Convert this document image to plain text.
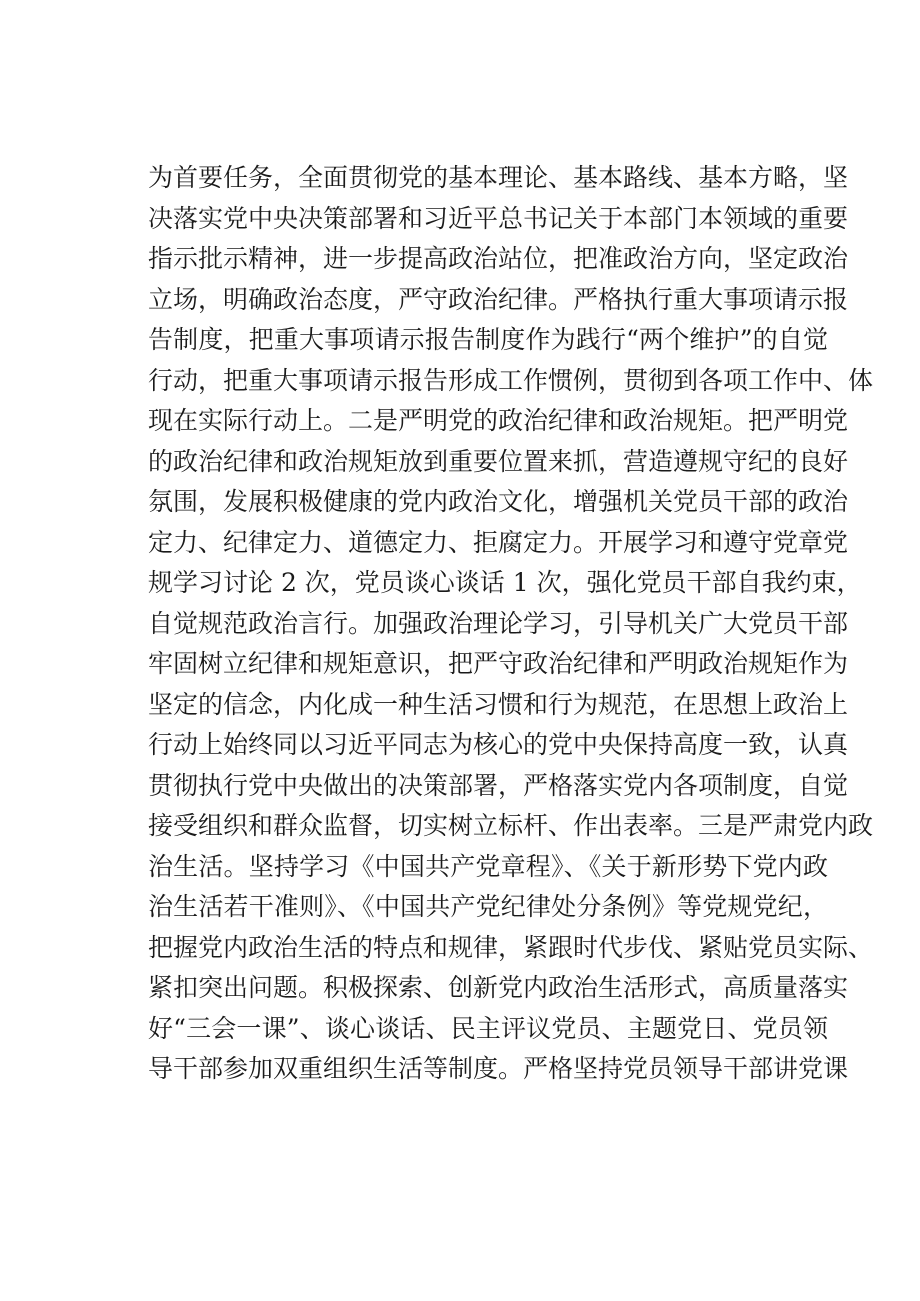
为首要任务，全面贯彻党的基本理论、基本路线、基本方略，坚
决落实党中央决策部署和习近平总书记关于本部门本领域的重要
指示批示精神，进一步提高政治站位，把准政治方向，坚定政治
立场，明确政治态度，严守政治纪律。严格执行重大事项请示报
告制度，把重大事项请示报告制度作为践行“两个维护”的自觉
行动，把重大事项请示报告形成工作惯例，贯彻到各项工作中、体
现在实际行动上。二是严明党的政治纪律和政治规矩。把严明党
的政治纪律和政治规矩放到重要位置来抓，营造遵规守纪的良好
氛围，发展积极健康的党内政治文化，增强机关党员干部的政治
定力、纪律定力、道德定力、拒腐定力。开展学习和遵守党章党
规学习讨论 2 次，党员谈心谈话 1 次，强化党员干部自我约束，
自觉规范政治言行。加强政治理论学习，引导机关广大党员干部
牢固树立纪律和规矩意识，把严守政治纪律和严明政治规矩作为
坚定的信念，内化成一种生活习惯和行为规范，在思想上政治上
行动上始终同以习近平同志为核心的党中央保持高度一致，认真
贯彻执行党中央做出的决策部署，严格落实党内各项制度，自觉
接受组织和群众监督，切实树立标杆、作出表率。三是严肃党内政
治生活。坚持学习《中国共产党章程》、《关于新形势下党内政
治生活若干准则》、《中国共产党纪律处分条例》等党规党纪，
把握党内政治生活的特点和规律，紧跟时代步伐、紧贴党员实际、
紧扣突出问题。积极探索、创新党内政治生活形式，高质量落实
好“三会一课”、谈心谈话、民主评议党员、主题党日、党员领
导干部参加双重组织生活等制度。严格坚持党员领导干部讲党课
